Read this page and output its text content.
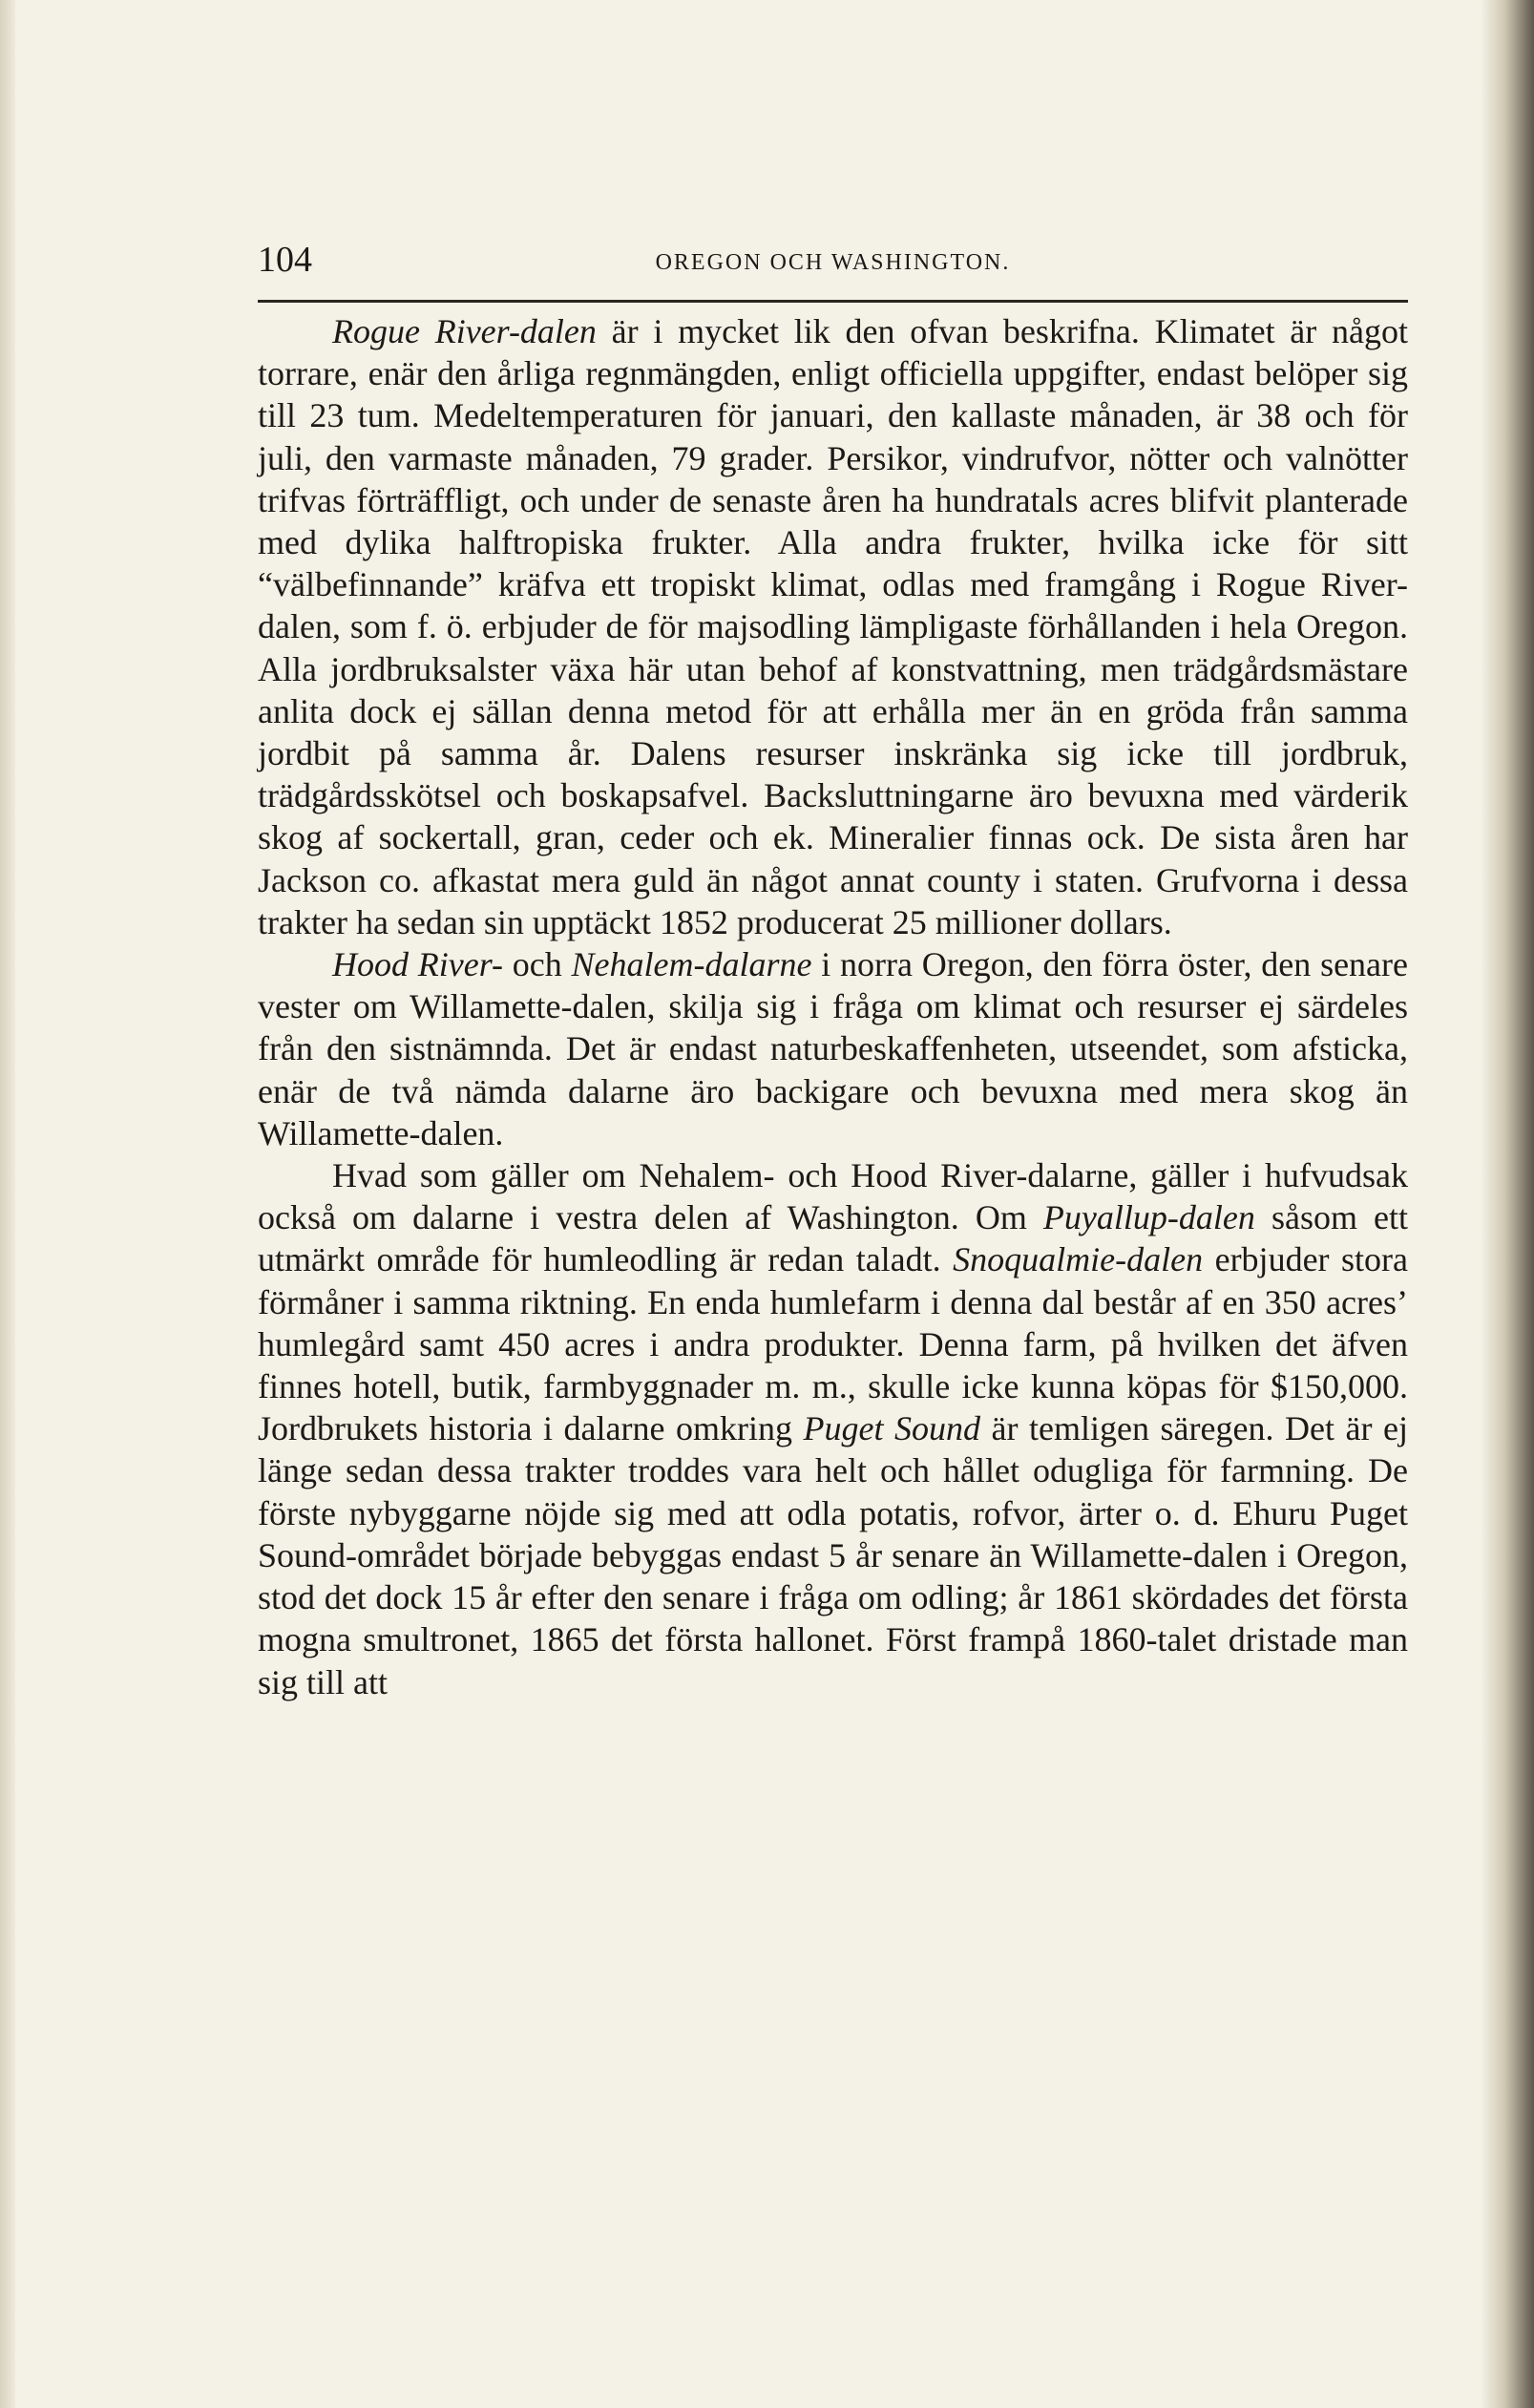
104	OREGON OCH WASHINGTON.

Rogue River-dalen är i mycket lik den ofvan beskrifna. Klimatet är något torrare, enär den årliga regnmängden, enligt officiella uppgifter, endast belöper sig till 23 tum. Medeltemperaturen för januari, den kallaste månaden, är 38 och för juli, den varmaste månaden, 79 grader. Persikor, vindrufvor, nötter och valnötter trifvas förträffligt, och under de senaste åren ha hundratals acres blifvit planterade med dylika halftropiska frukter. Alla andra frukter, hvilka icke för sitt “välbefinnande” kräfva ett tropiskt klimat, odlas med framgång i Rogue River-dalen, som f. ö. erbjuder de för majsodling lämpligaste förhållanden i hela Oregon. Alla jordbruksalster växa här utan behof af konstvattning, men trädgårdsmästare anlita dock ej sällan denna metod för att erhålla mer än en gröda från samma jordbit på samma år. Dalens resurser inskränka sig icke till jordbruk, trädgårdsskötsel och boskapsafvel. Backsluttningarne äro bevuxna med värderik skog af sockertall, gran, ceder och ek. Mineralier finnas ock. De sista åren har Jackson co. afkastat mera guld än något annat county i staten. Grufvorna i dessa trakter ha sedan sin upptäckt 1852 producerat 25 millioner dollars.

Hood River- och Nehalem-dalarne i norra Oregon, den förra öster, den senare vester om Willamette-dalen, skilja sig i fråga om klimat och resurser ej särdeles från den sistnämnda. Det är endast naturbeskaffenheten, utseendet, som afsticka, enär de två nämda dalarne äro backigare och bevuxna med mera skog än Willamette-dalen.

Hvad som gäller om Nehalem- och Hood River-dalarne, gäller i hufvudsak också om dalarne i vestra delen af Washington. Om Puyallup-dalen såsom ett utmärkt område för humleodling är redan taladt. Snoqualmie-dalen erbjuder stora förmåner i samma riktning. En enda humlefarm i denna dal består af en 350 acres’ humlegård samt 450 acres i andra produkter. Denna farm, på hvilken det äfven finnes hotell, butik, farmbyggnader m. m., skulle icke kunna köpas för $150,000. Jordbrukets historia i dalarne omkring Puget Sound är temligen säregen. Det är ej länge sedan dessa trakter troddes vara helt och hållet odugliga för farmning. De förste nybyggarne nöjde sig med att odla potatis, rofvor, ärter o. d. Ehuru Puget Sound-området började bebyggas endast 5 år senare än Willamette-dalen i Oregon, stod det dock 15 år efter den senare i fråga om odling; år 1861 skördades det första mogna smultronet, 1865 det första hallonet. Först frampå 1860-talet dristade man sig till att
